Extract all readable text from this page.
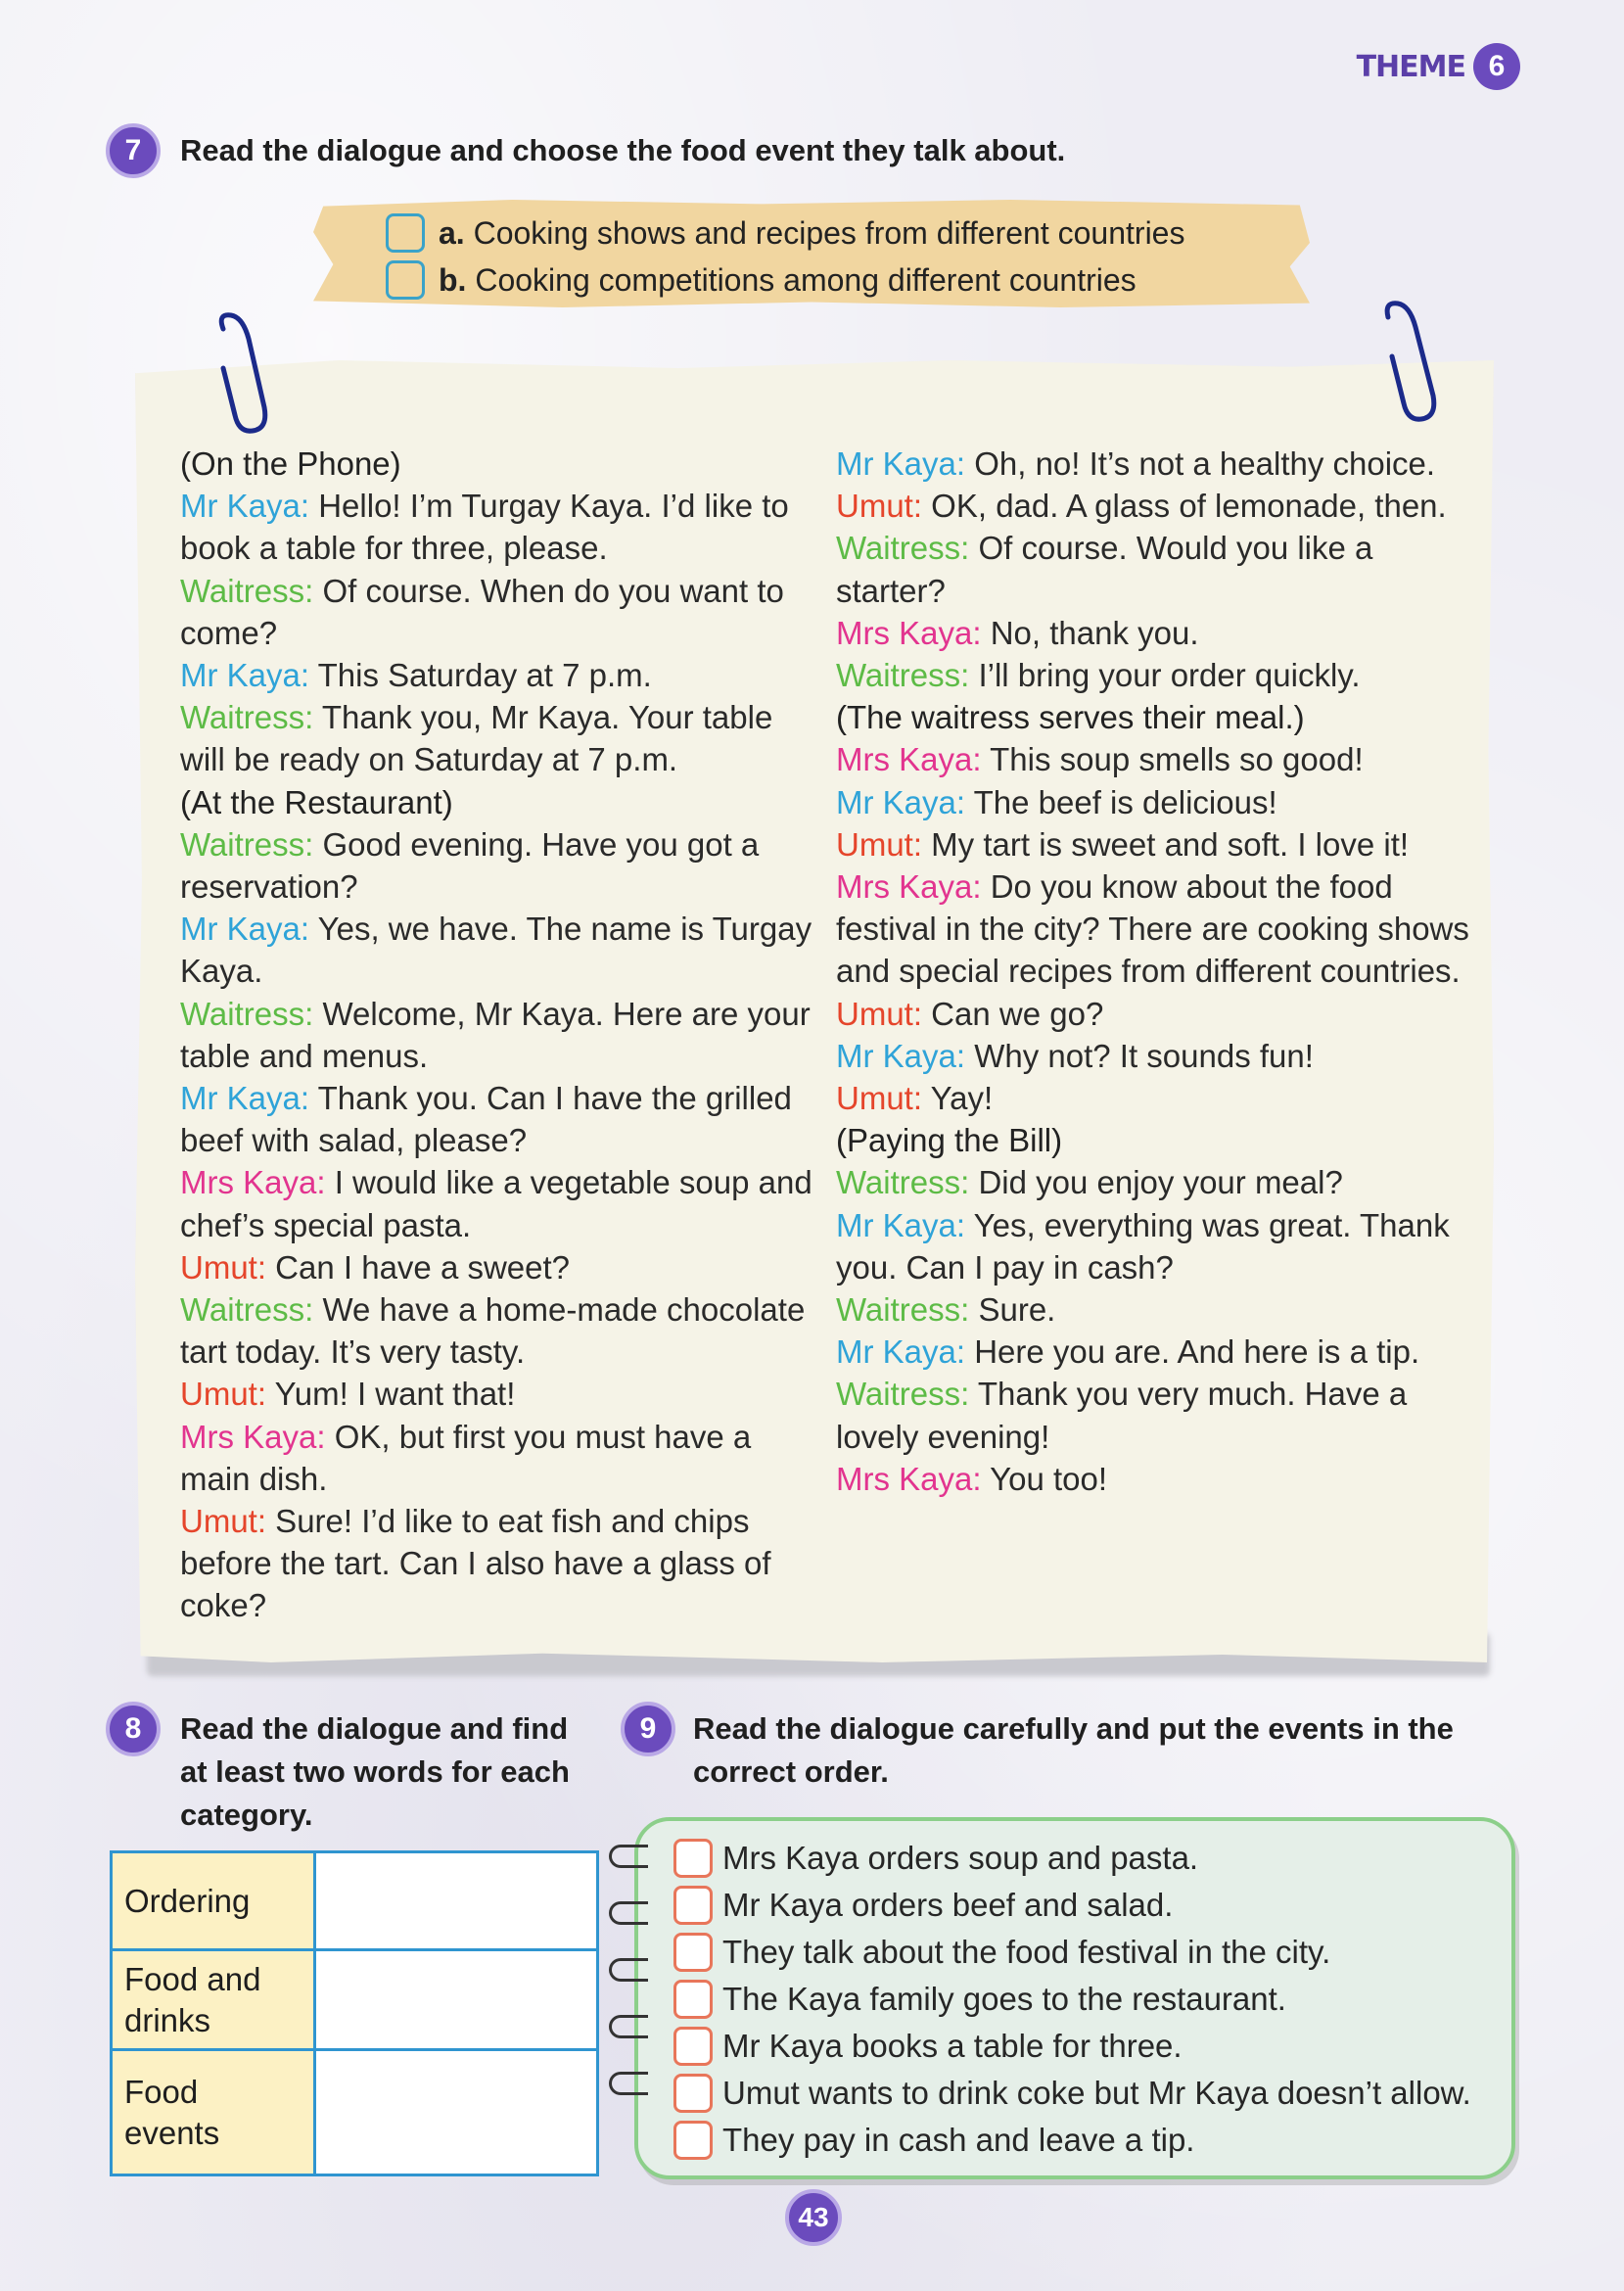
THEME 6
7	Read the dialogue and choose the food event they talk about.
a. Cooking shows and recipes from different countries
b. Cooking competitions among different countries

(On the Phone)

Mr Kaya: Hello! I’m Turgay Kaya. I’d like to book a table for three, please.

Waitress: Of course. When do you want to come?

Mr Kaya: This Saturday at 7 p.m.

Waitress: Thank you, Mr Kaya. Your table will be ready on Saturday at 7 p.m.

(At the Restaurant)

Waitress: Good evening. Have you got a reservation?

Mr Kaya: Yes, we have. The name is Turgay Kaya.

Waitress: Welcome, Mr Kaya. Here are your table and menus.

Mr Kaya: Thank you. Can I have the grilled beef with salad, please?

Mrs Kaya: I would like a vegetable soup and chef’s special pasta.

Umut: Can I have a sweet?

Waitress: We have a home-made chocolate tart today. It’s very tasty.

Umut: Yum! I want that!

Mrs Kaya: OK, but first you must have a main dish.

Umut: Sure! I’d like to eat fish and chips before the tart. Can I also have a glass of coke?

Mr Kaya: Oh, no! It’s not a healthy choice.

Umut: OK, dad. A glass of lemonade, then.

Waitress: Of course. Would you like a starter?

Mrs Kaya: No, thank you.

Waitress: I’ll bring your order quickly.

(The waitress serves their meal.)

Mrs Kaya: This soup smells so good!

Mr Kaya: The beef is delicious!

Umut: My tart is sweet and soft. I love it!

Mrs Kaya: Do you know about the food festival in the city? There are cooking shows and special recipes from different countries.

Umut: Can we go?

Mr Kaya: Why not? It sounds fun!

Umut: Yay!

(Paying the Bill)

Waitress: Did you enjoy your meal?

Mr Kaya: Yes, everything was great. Thank you. Can I pay in cash?

Waitress: Sure.

Mr Kaya: Here you are. And here is a tip.

Waitress: Thank you very much. Have a lovely evening!

Mrs Kaya: You too!

8	Read the dialogue and find at least two words for each category.
Ordering	
Food and drinks	
Food events	
9	Read the dialogue carefully and put the events in the correct order.
Mrs Kaya orders soup and pasta.
Mr Kaya orders beef and salad.
They talk about the food festival in the city.
The Kaya family goes to the restaurant.
Mr Kaya books a table for three.
Umut wants to drink coke but Mr Kaya doesn’t allow.
They pay in cash and leave a tip.
43
